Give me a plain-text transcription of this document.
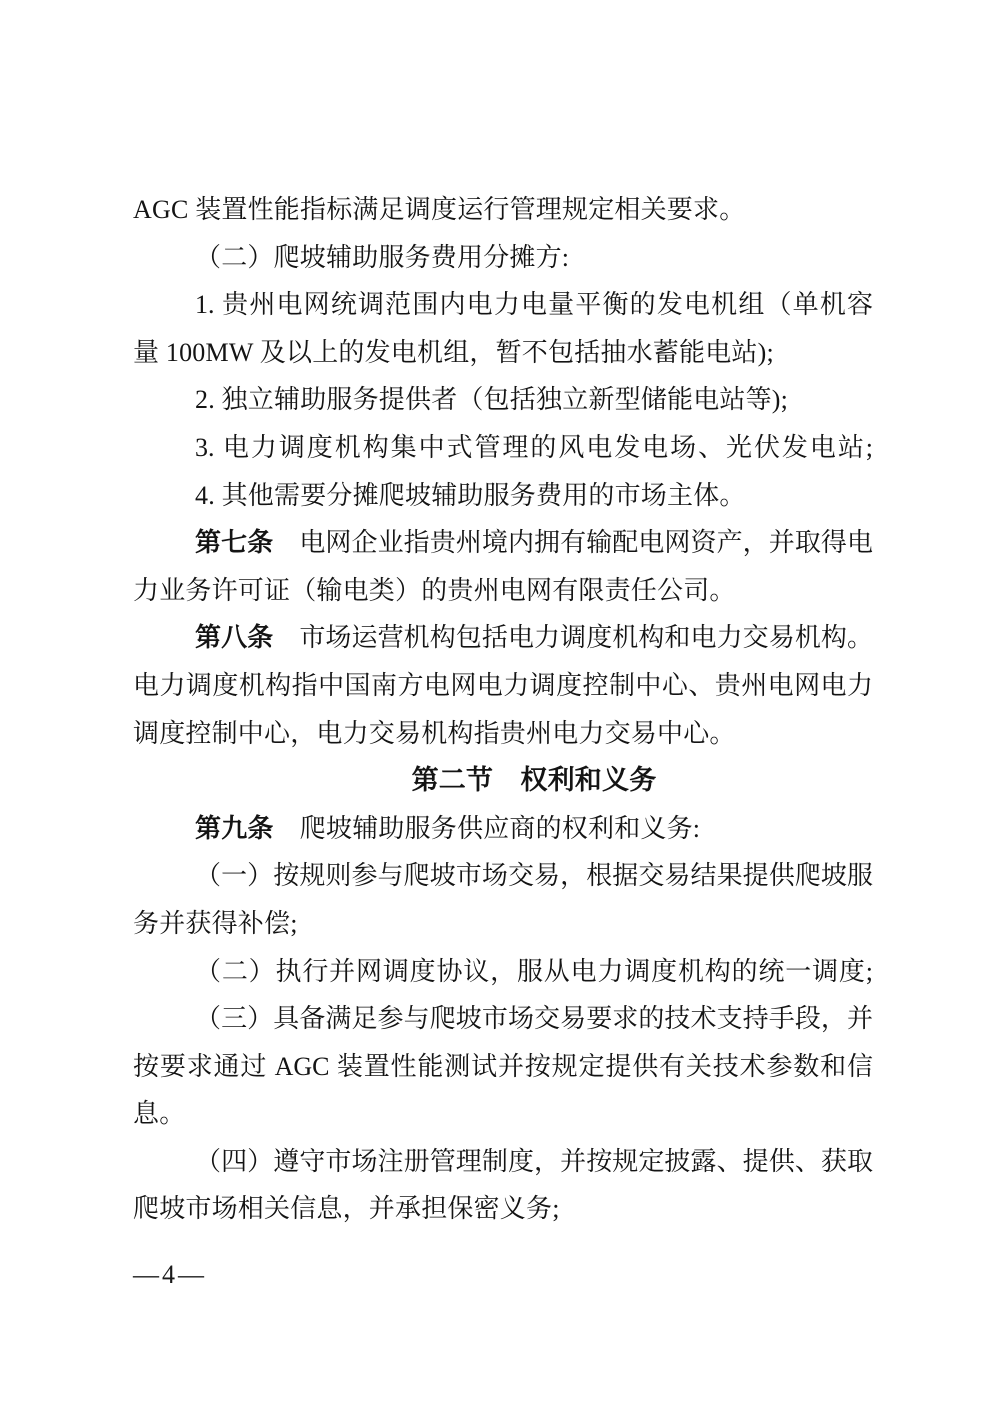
AGC 装置性能指标满足调度运行管理规定相关要求。
（二）爬坡辅助服务费用分摊方:
1. 贵州电网统调范围内电力电量平衡的发电机组（单机容
量 100MW 及以上的发电机组，暂不包括抽水蓄能电站);
2. 独立辅助服务提供者（包括独立新型储能电站等);
3. 电力调度机构集中式管理的风电发电场、光伏发电站;
4. 其他需要分摊爬坡辅助服务费用的市场主体。
第七条　电网企业指贵州境内拥有输配电网资产，并取得电
力业务许可证（输电类）的贵州电网有限责任公司。
第八条　市场运营机构包括电力调度机构和电力交易机构。
电力调度机构指中国南方电网电力调度控制中心、贵州电网电力
调度控制中心，电力交易机构指贵州电力交易中心。
第二节　权利和义务
第九条　爬坡辅助服务供应商的权利和义务:
（一）按规则参与爬坡市场交易，根据交易结果提供爬坡服
务并获得补偿;
（二）执行并网调度协议，服从电力调度机构的统一调度;
（三）具备满足参与爬坡市场交易要求的技术支持手段，并
按要求通过 AGC 装置性能测试并按规定提供有关技术参数和信
息。
（四）遵守市场注册管理制度，并按规定披露、提供、获取
爬坡市场相关信息，并承担保密义务;
—4—
